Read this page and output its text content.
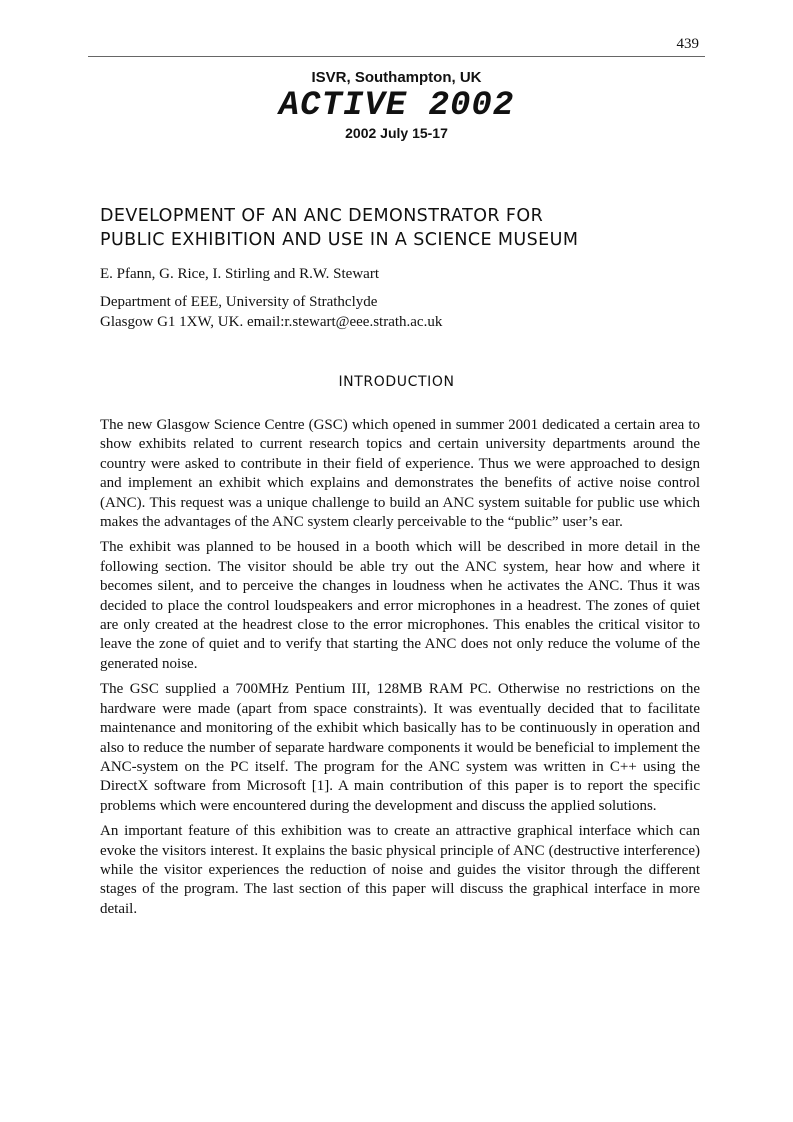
439
ISVR, Southampton, UK
ACTIVE 2002
2002 July 15-17
DEVELOPMENT OF AN ANC DEMONSTRATOR FOR
PUBLIC EXHIBITION AND USE IN A SCIENCE MUSEUM
E. Pfann, G. Rice, I. Stirling and R.W. Stewart
Department of EEE, University of Strathclyde
Glasgow G1 1XW, UK. email:r.stewart@eee.strath.ac.uk
INTRODUCTION

The new Glasgow Science Centre (GSC) which opened in summer 2001 dedicated a certain area to show exhibits related to current research topics and certain university departments around the country were asked to contribute in their field of experience. Thus we were approached to design and implement an exhibit which explains and demonstrates the benefits of active noise control (ANC). This request was a unique challenge to build an ANC system suitable for public use which makes the advantages of the ANC system clearly perceivable to the “public” user’s ear.

The exhibit was planned to be housed in a booth which will be described in more detail in the following section. The visitor should be able try out the ANC system, hear how and where it becomes silent, and to perceive the changes in loudness when he activates the ANC. Thus it was decided to place the control loudspeakers and error microphones in a headrest. The zones of quiet are only created at the headrest close to the error microphones. This enables the critical visitor to leave the zone of quiet and to verify that starting the ANC does not only reduce the volume of the generated noise.

The GSC supplied a 700MHz Pentium III, 128MB RAM PC. Otherwise no restrictions on the hardware were made (apart from space constraints). It was eventually decided that to facilitate maintenance and monitoring of the exhibit which basically has to be continuously in operation and also to reduce the number of separate hardware components it would be beneficial to implement the ANC-system on the PC itself. The program for the ANC system was written in C++ using the DirectX software from Microsoft [1]. A main contribution of this paper is to report the specific problems which were encountered during the development and discuss the applied solutions.

An important feature of this exhibition was to create an attractive graphical interface which can evoke the visitors interest. It explains the basic physical principle of ANC (destructive interference) while the visitor experiences the reduction of noise and guides the visitor through the different stages of the program. The last section of this paper will discuss the graphical interface in more detail.
